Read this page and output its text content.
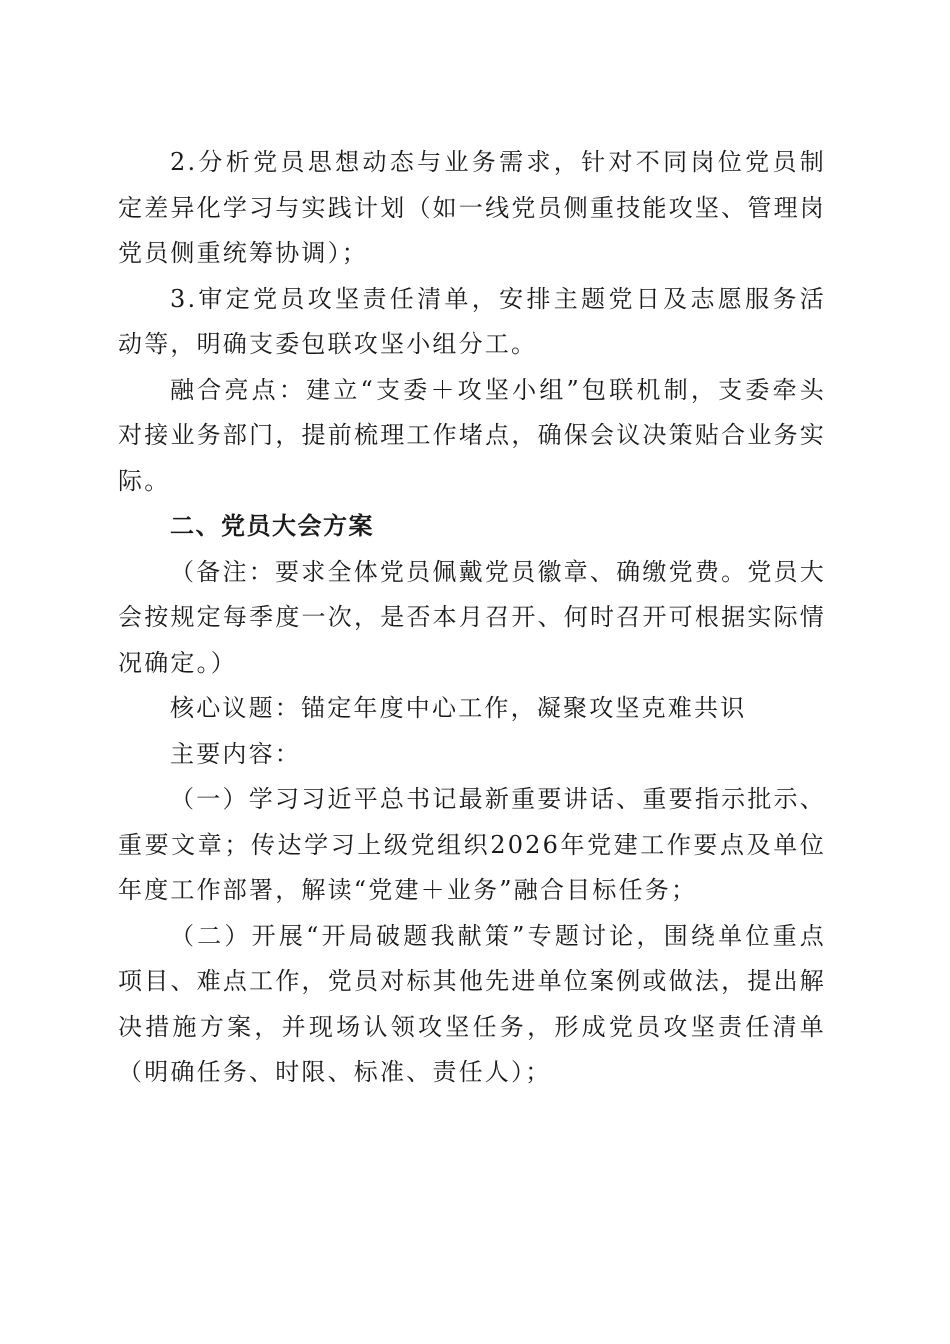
2.分析党员思想动态与业务需求，针对不同岗位党员制定差异化学习与实践计划（如一线党员侧重技能攻坚、管理岗党员侧重统筹协调）；

3.审定党员攻坚责任清单，安排主题党日及志愿服务活动等，明确支委包联攻坚小组分工。

融合亮点：建立“支委＋攻坚小组”包联机制，支委牵头对接业务部门，提前梳理工作堵点，确保会议决策贴合业务实际。

二、党员大会方案

（备注：要求全体党员佩戴党员徽章、确缴党费。党员大会按规定每季度一次，是否本月召开、何时召开可根据实际情况确定。）

核心议题：锚定年度中心工作，凝聚攻坚克难共识

主要内容：

（一）学习习近平总书记最新重要讲话、重要指示批示、重要文章；传达学习上级党组织2026年党建工作要点及单位年度工作部署，解读“党建＋业务”融合目标任务；

（二）开展“开局破题我献策”专题讨论，围绕单位重点项目、难点工作，党员对标其他先进单位案例或做法，提出解决措施方案，并现场认领攻坚任务，形成党员攻坚责任清单（明确任务、时限、标准、责任人）；
